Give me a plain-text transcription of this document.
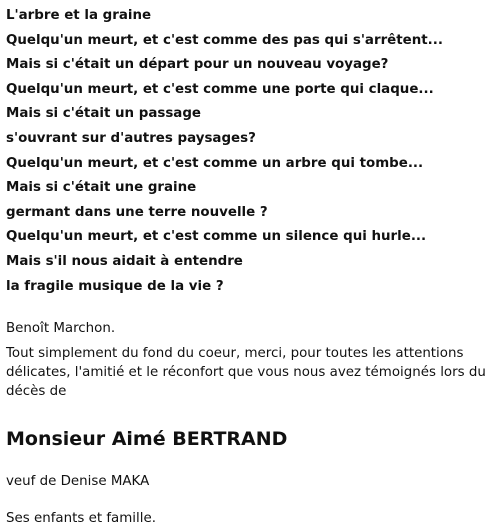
L'arbre et la graine

Quelqu'un meurt, et c'est comme des pas qui s'arrêtent...

Mais si c'était un départ pour un nouveau voyage?

Quelqu'un meurt, et c'est comme une porte qui claque...

Mais si c'était un passage

s'ouvrant sur d'autres paysages?

Quelqu'un meurt, et c'est comme un arbre qui tombe...

Mais si c'était une graine

germant dans une terre nouvelle ?

Quelqu'un meurt, et c'est comme un silence qui hurle...

Mais s'il nous aidait à entendre

la fragile musique de la vie ?

Benoît Marchon.
Tout simplement du fond du coeur, merci, pour toutes les attentions délicates, l'amitié et le réconfort que vous nous avez témoignés lors du décès de
Monsieur Aimé BERTRAND
veuf de Denise MAKA
Ses enfants et famille.
